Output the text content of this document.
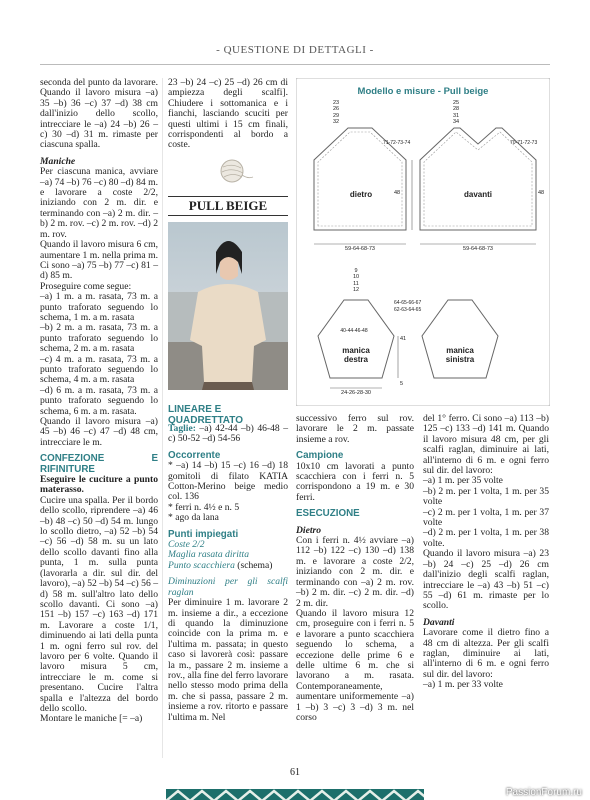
- QUESTIONE DI DETTAGLI -

seconda del punto da lavorare. Quando il lavoro misura –a) 35 –b) 36 –c) 37 –d) 38 cm dall'inizio dello scollo, intrecciare le –a) 24 –b) 26 –c) 30 –d) 31 m. rimaste per ciascuna spalla.

Maniche

Per ciascuna manica, avviare –a) 74 –b) 76 –c) 80 –d) 84 m. e lavorare a coste 2/2, iniziando con 2 m. dir. e terminando con –a) 2 m. dir. –b) 2 m. rov. –c) 2 m. rov. –d) 2 m. rov.

Quando il lavoro misura 6 cm, aumentare 1 m. nella prima m. Ci sono –a) 75 –b) 77 –c) 81 –d) 85 m.

Proseguire come segue:

–a) 1 m. a m. rasata, 73 m. a punto traforato seguendo lo schema, 1 m. a m. rasata

–b) 2 m. a m. rasata, 73 m. a punto traforato seguendo lo schema, 2 m. a m. rasata

–c) 4 m. a m. rasata, 73 m. a punto traforato seguendo lo schema, 4 m. a m. rasata

–d) 6 m. a m. rasata, 73 m. a punto traforato seguendo lo schema, 6 m. a m. rasata.

Quando il lavoro misura –a) 45 –b) 46 –c) 47 –d) 48 cm, intrecciare le m.

CONFEZIONE E RIFINITURE

Eseguire le cuciture a punto materasso.

Cucire una spalla. Per il bordo dello scollo, riprendere –a) 46 –b) 48 –c) 50 –d) 54 m. lungo lo scollo dietro, –a) 52 –b) 54 –c) 56 –d) 58 m. su un lato dello scollo davanti fino alla punta, 1 m. sulla punta (lavorarla a dir. sul dir. del lavoro), –a) 52 –b) 54 –c) 56 –d) 58 m. sull'altro lato dello scollo davanti. Ci sono –a) 151 –b) 157 –c) 163 –d) 171 m. Lavorare a coste 1/1, diminuendo ai lati della punta 1 m. ogni ferro sul rov. del lavoro per 6 volte. Quando il lavoro misura 5 cm, intrecciare le m. come si presentano. Cucire l'altra spalla e l'altezza del bordo dello scollo.

Montare le maniche [= –a)

23 –b) 24 –c) 25 –d) 26 cm di ampiezza degli scalfi]. Chiudere i sottomanica e i fianchi, lasciando scuciti per questi ultimi i 15 cm finali, corrispondenti al bordo a coste.

PULL BEIGE
LINEARE E QUADRETTATO

Taglie: –a) 42-44 –b) 46-48 –c) 50-52 –d) 54-56

Occorrente

* –a) 14 –b) 15 –c) 16 –d) 18 gomitoli di filato KATIA Cotton-Merino beige medio col. 136

* ferri n. 4½ e n. 5

* ago da lana

Punti impiegati

Coste 2/2

Maglia rasata diritta

Punto scacchiera (schema)

Diminuzioni per gli scalfi raglan

Per diminuire 1 m. lavorare 2 m. insieme a dir., a eccezione di quando la diminuzione coincide con la prima m. e l'ultima m. passata; in questo caso si lavorerà così: passare la m., passare 2 m. insieme a rov., alla fine del ferro lavorare nello stesso modo prima della m. che si passa, passare 2 m. insieme a rov. ritorto e passare l'ultima m. Nel

Modello e misure - Pull beige
dietro	davanti
23
26
29
32
71-72-73-74
48
59-64-68-73
25
28
31
34
70-71-72-73
48
59-64-68-73
9
10
11
12
64-65-66-67
62-63-64-65
40-44-46-48
41
5
24-26-28-30
manica
destra
manica
sinistra

successivo ferro sul rov. lavorare le 2 m. passate insieme a rov.

Campione

10x10 cm lavorati a punto scacchiera con i ferri n. 5 corrispondono a 19 m. e 30 ferri.

ESECUZIONE

Dietro

Con i ferri n. 4½ avviare –a) 112 –b) 122 –c) 130 –d) 138 m. e lavorare a coste 2/2, iniziando con 2 m. dir. e terminando con –a) 2 m. rov. –b) 2 m. dir. –c) 2 m. dir. –d) 2 m. dir.

Quando il lavoro misura 12 cm, proseguire con i ferri n. 5 e lavorare a punto scacchiera seguendo lo schema, a eccezione delle prime 6 e delle ultime 6 m. che si lavorano a m. rasata. Contemporaneamente, aumentare uniformemente –a) 1 –b) 3 –c) 3 –d) 3 m. nel corso

del 1° ferro. Ci sono –a) 113 –b) 125 –c) 133 –d) 141 m. Quando il lavoro misura 48 cm, per gli scalfi raglan, diminuire ai lati, all'interno di 6 m. e ogni ferro sul dir. del lavoro:

–a) 1 m. per 35 volte

–b) 2 m. per 1 volta, 1 m. per 35 volte

–c) 2 m. per 1 volta, 1 m. per 37 volte

–d) 2 m. per 1 volta, 1 m. per 38 volte.

Quando il lavoro misura –a) 23 –b) 24 –c) 25 –d) 26 cm dall'inizio degli scalfi raglan, intrecciare le –a) 43 –b) 51 –c) 55 –d) 61 m. rimaste per lo scollo.

Davanti

Lavorare come il dietro fino a 48 cm di altezza. Per gli scalfi raglan, diminuire ai lati, all'interno di 6 m. e ogni ferro sul dir. del lavoro:

–a) 1 m. per 33 volte

61
PassionForum.ru
